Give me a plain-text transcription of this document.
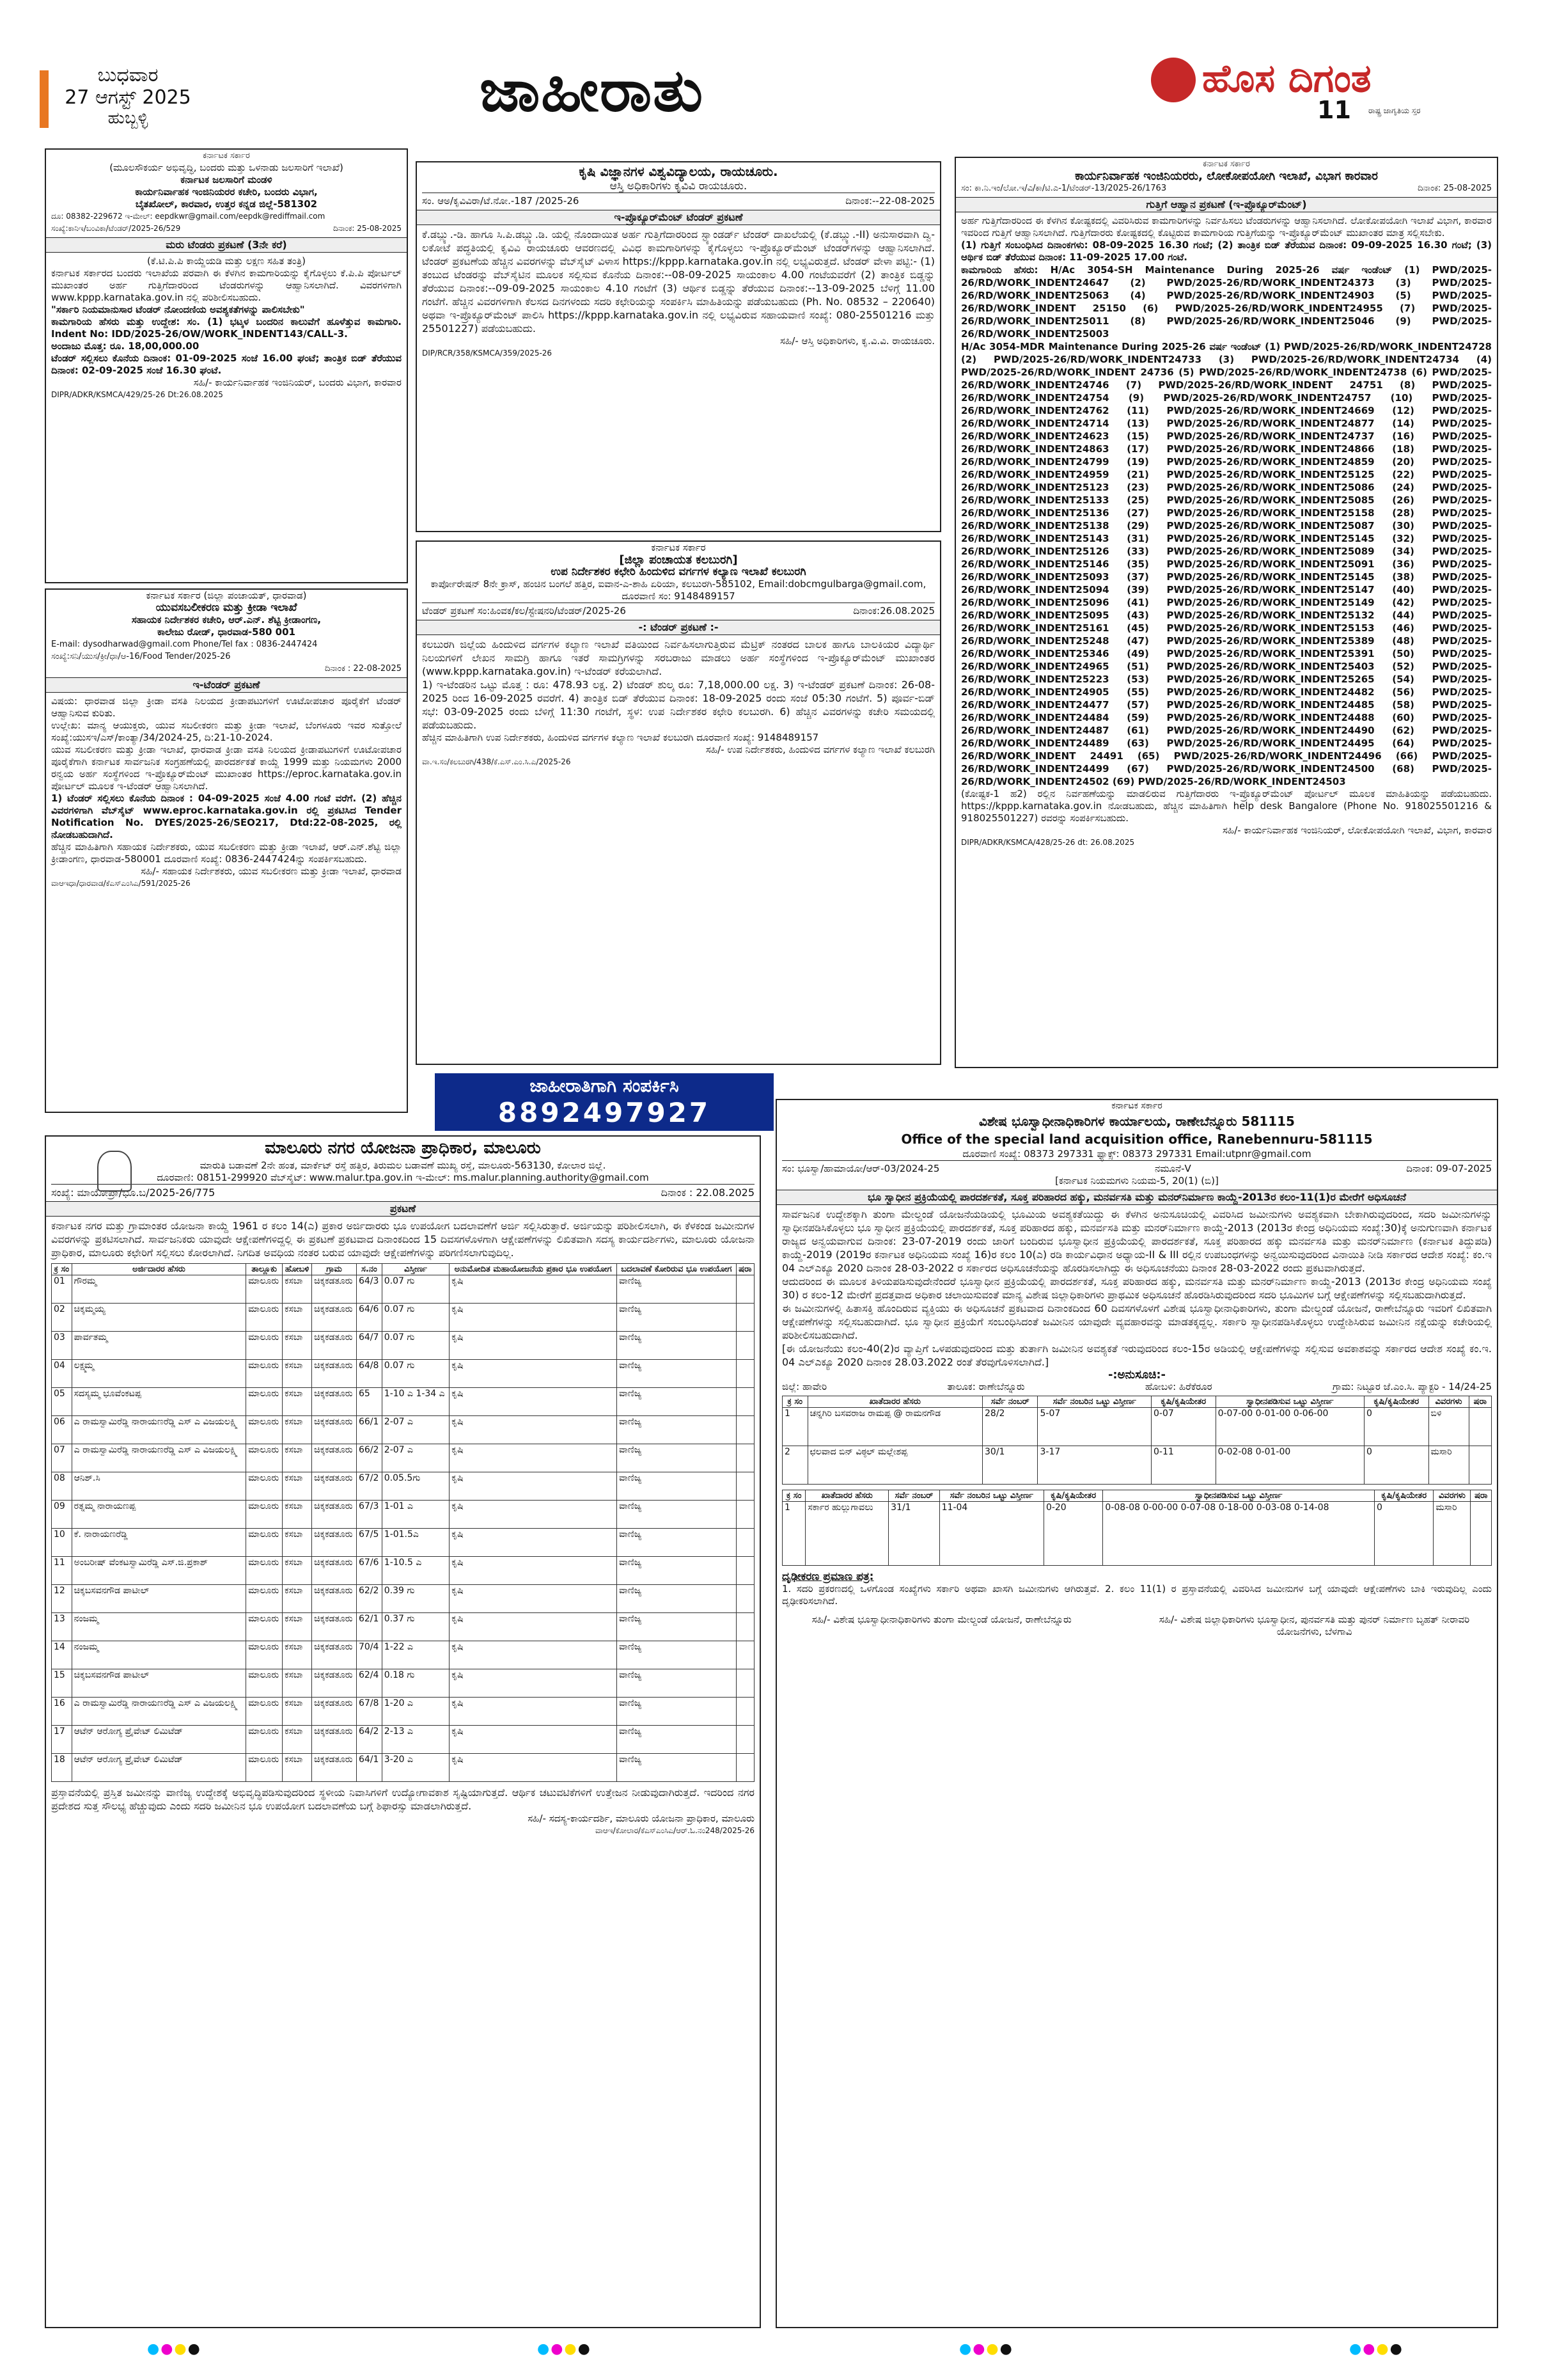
ಬುಧವಾರ
27 ಆಗಸ್ಟ್ 2025
ಹುಬ್ಬಳ್ಳಿ	ಜಾಹೀರಾತು	ಹೊಸ ದಿಗಂತ
11 ರಾಷ್ಟ್ರ ಜಾಗೃತಿಯ ಸ್ತರ
ಕರ್ನಾಟಕ ಸರ್ಕಾರ
(ಮೂಲಸೌಕರ್ಯ ಅಭಿವೃದ್ಧಿ, ಬಂದರು ಮತ್ತು ಒಳನಾಡು ಜಲಸಾರಿಗೆ ಇಲಾಖೆ)
ಕರ್ನಾಟಕ ಜಲಸಾರಿಗೆ ಮಂಡಳಿ
ಕಾರ್ಯನಿರ್ವಾಹಕ ಇಂಜಿನಿಯರರ ಕಚೇರಿ, ಬಂದರು ವಿಭಾಗ,
ಬೈತಖೋಲ್, ಕಾರವಾರ, ಉತ್ತರ ಕನ್ನಡ ಜಿಲ್ಲೆ-581302
ದೂ: 08382-229672 ಇ-ಮೇಲ್: eepdkwr@gmail.com/eepdk@rediffmail.com
ಸಂಖ್ಯೆ:ಕಾನಿಇ/ಬಂವಿಕಾ/ಟೆಂಡರ್/2025-26/529	ದಿನಾಂಕ: 25-08-2025
ಮರು ಟೆಂಡರು ಪ್ರಕಟಣೆ (3ನೇ ಕರೆ)
(ಕೆ.ಟಿ.ಪಿ.ಪಿ ಕಾಯ್ದೆಯಡಿ ಮತ್ತು ಲಕ್ಷಣ ಸಹಿತ ತಂತ್ರಿ)
ಕರ್ನಾಟಕ ಸರ್ಕಾರದ ಬಂದರು ಇಲಾಖೆಯ ಪರವಾಗಿ ಈ ಕೆಳಗಿನ ಕಾಮಗಾರಿಯನ್ನು ಕೈಗೊಳ್ಳಲು ಕೆ.ಪಿ.ಪಿ ಪೋರ್ಟಲ್ ಮುಖಾಂತರ ಅರ್ಹ ಗುತ್ತಿಗೆದಾರರಿಂದ ಟೆಂಡರುಗಳನ್ನು ಆಹ್ವಾನಿಸಲಾಗಿದೆ. ವಿವರಗಳಿಗಾಗಿ www.kppp.karnataka.gov.in ನಲ್ಲಿ ಪರಿಶೀಲಿಸಬಹುದು.
"ಸರ್ಕಾರಿ ನಿಯಮಾನುಸಾರ ಟೆಂಡರ್ ನೋಂದಣಿಯ ಅವಶ್ಯಕತೆಗಳನ್ನು ಪಾಲಿಸಬೇಕು"
ಕಾಮಗಾರಿಯ ಹೆಸರು ಮತ್ತು ಉದ್ದೇಶ: ಸಂ. (1) ಭಟ್ಕಳ ಬಂದರಿನ ಕಾಲುವೆಗೆ ಹೂಳೆತ್ತುವ ಕಾಮಗಾರಿ. Indent No: IDD/2025-26/OW/WORK_INDENT143/CALL-3.
ಅಂದಾಜು ಮೊತ್ತ: ರೂ. 18,00,000.00
ಟೆಂಡರ್ ಸಲ್ಲಿಸಲು ಕೊನೆಯ ದಿನಾಂಕ: 01-09-2025 ಸಂಜೆ 16.00 ಘಂಟೆ; ತಾಂತ್ರಿಕ ಬಿಡ್ ತೆರೆಯುವ ದಿನಾಂಕ: 02-09-2025 ಸಂಜೆ 16.30 ಘಂಟೆ.
ಸಹಿ/- ಕಾರ್ಯನಿರ್ವಾಹಕ ಇಂಜಿನಿಯರ್, ಬಂದರು ವಿಭಾಗ, ಕಾರವಾರ
DIPR/ADKR/KSMCA/429/25-26 Dt:26.08.2025
ಕರ್ನಾಟಕ ಸರ್ಕಾರ (ಜಿಲ್ಲಾ ಪಂಚಾಯತ್, ಧಾರವಾಡ)
ಯುವಸಬಲೀಕರಣ ಮತ್ತು ಕ್ರೀಡಾ ಇಲಾಖೆ
ಸಹಾಯಕ ನಿರ್ದೇಶಕರ ಕಚೇರಿ, ಆರ್.ಎನ್. ಶೆಟ್ಟಿ ಕ್ರೀಡಾಂಗಣ,
ಕಾಲೇಜು ರೋಡ್, ಧಾರವಾಡ-580 001
E-mail: dysodharwad@gmail.com Phone/Tel fax : 0836-2447424
ಸಂಖ್ಯೆ:ಸನಿ/ಯುಸ/ಕ್ರೀ/ಧಾ/ಆ-16/Food Tender/2025-26
ದಿನಾಂಕ : 22-08-2025
ಇ-ಟೆಂಡರ್ ಪ್ರಕಟಣೆ
ವಿಷಯ: ಧಾರವಾಡ ಜಿಲ್ಲಾ ಕ್ರೀಡಾ ವಸತಿ ನಿಲಯದ ಕ್ರೀಡಾಪಟುಗಳಿಗೆ ಊಟೋಪಚಾರ ಪೂರೈಕೆಗೆ ಟೆಂಡರ್ ಆಹ್ವಾನಿಸುವ ಕುರಿತು.
ಉಲ್ಲೇಖ: ಮಾನ್ಯ ಆಯುಕ್ತರು, ಯುವ ಸಬಲೀಕರಣ ಮತ್ತು ಕ್ರೀಡಾ ಇಲಾಖೆ, ಬೆಂಗಳೂರು ಇವರ ಸುತ್ತೋಲೆ ಸಂಖ್ಯೆ:ಯುಸಇ/ಎಸ್/ಕಾಂತ್ಯಾ/34/2024-25, ದಿ:21-10-2024.
ಯುವ ಸಬಲೀಕರಣ ಮತ್ತು ಕ್ರೀಡಾ ಇಲಾಖೆ, ಧಾರವಾಡ ಕ್ರೀಡಾ ವಸತಿ ನಿಲಯದ ಕ್ರೀಡಾಪಟುಗಳಿಗೆ ಊಟೋಪಚಾರ ಪೂರೈಕೆಗಾಗಿ ಕರ್ನಾಟಕ ಸಾರ್ವಜನಿಕ ಸಂಗ್ರಹಣೆಯಲ್ಲಿ ಪಾರದರ್ಶಕತೆ ಕಾಯ್ದೆ 1999 ಮತ್ತು ನಿಯಮಗಳು 2000 ರನ್ವಯ ಅರ್ಹ ಸಂಸ್ಥೆಗಳಿಂದ ಇ-ಪ್ರೊಕ್ಯೂರ್‌ಮೆಂಟ್ ಮುಖಾಂತರ https://eproc.karnataka.gov.in ಪೋರ್ಟಲ್ ಮೂಲಕ ಇ-ಟೆಂಡರ್ ಆಹ್ವಾನಿಸಲಾಗಿದೆ.
1) ಟೆಂಡರ್ ಸಲ್ಲಿಸಲು ಕೊನೆಯ ದಿನಾಂಕ : 04-09-2025 ಸಂಜೆ 4.00 ಗಂಟೆ ವರೆಗೆ. (2) ಹೆಚ್ಚಿನ ವಿವರಗಳಿಗಾಗಿ ವೆಬ್‌ಸೈಟ್ www.eproc.karnataka.gov.in ರಲ್ಲಿ ಪ್ರಕಟಿಸಿದ Tender Notification No. DYES/2025-26/SEO217, Dtd:22-08-2025, ರಲ್ಲಿ ನೋಡಬಹುದಾಗಿದೆ.
ಹೆಚ್ಚಿನ ಮಾಹಿತಿಗಾಗಿ ಸಹಾಯಕ ನಿರ್ದೇಶಕರು, ಯುವ ಸಬಲೀಕರಣ ಮತ್ತು ಕ್ರೀಡಾ ಇಲಾಖೆ, ಆರ್.ಎನ್.ಶೆಟ್ಟಿ ಜಿಲ್ಲಾ ಕ್ರೀಡಾಂಗಣ, ಧಾರವಾಡ-580001 ದೂರವಾಣಿ ಸಂಖ್ಯೆ: 0836-2447424ನ್ನು ಸಂಪರ್ಕಿಸಬಹುದು.
ಸಹಿ/- ಸಹಾಯಕ ನಿರ್ದೇಶಕರು, ಯುವ ಸಬಲೀಕರಣ ಮತ್ತು ಕ್ರೀಡಾ ಇಲಾಖೆ, ಧಾರವಾಡ
ವಾಆಇಧಾ/ಧಾರವಾಡ/ಕೆಎಸ್‌ಎಂಸಿಎ/591/2025-26
ಕೃಷಿ ವಿಜ್ಞಾನಗಳ ವಿಶ್ವವಿದ್ಯಾಲಯ, ರಾಯಚೂರು.
ಆಸ್ತಿ ಅಧಿಕಾರಿಗಳು ಕೃವಿವಿ ರಾಯಚೂರು.
ಸಂ. ಆಅ/ಕೃವಿವಿರಾ/ಟೆ.ನೋ.-187 /2025-26	ದಿನಾಂಕ:--22-08-2025
ಇ-ಪ್ರೊಕ್ಯೂರ್‌ಮೆಂಟ್ ಟೆಂಡರ್ ಪ್ರಕಟಣೆ
ಕೆ.ಡಬ್ಲ್ಯು.-ಡಿ. ಹಾಗೂ ಸಿ.ಪಿ.ಡಬ್ಲ್ಯು.ಡಿ. ಯಲ್ಲಿ ನೊಂದಾಯಿತ ಅರ್ಹ ಗುತ್ತಿಗೆದಾರರಿಂದ ಸ್ಟ್ಯಾಂಡರ್ಡ್ ಟೆಂಡರ್ ದಾಖಲೆಯಲ್ಲಿ (ಕೆ.ಡಬ್ಲ್ಯು.-II) ಅನುಸಾರವಾಗಿ ದ್ವಿ-ಲಕೋಟೆ ಪದ್ಧತಿಯಲ್ಲಿ ಕೃವಿವಿ ರಾಯಚೂರು ಆವರಣದಲ್ಲಿ ವಿವಿಧ ಕಾಮಗಾರಿಗಳನ್ನು ಕೈಗೊಳ್ಳಲು ಇ-ಪ್ರೊಕ್ಯೂರ್‌ಮೆಂಟ್ ಟೆಂಡರ್‌ಗಳನ್ನು ಆಹ್ವಾನಿಸಲಾಗಿದೆ. ಟೆಂಡರ್ ಪ್ರಕಟಣೆಯ ಹೆಚ್ಚಿನ ವಿವರಗಳನ್ನು ವೆಬ್‌ಸೈಟ್ ವಿಳಾಸ https://kppp.karnataka.gov.in ನಲ್ಲಿ ಲಭ್ಯವಿರುತ್ತದೆ. ಟೆಂಡರ್ ವೇಳಾ ಪಟ್ಟಿ:- (1) ತಂಬುದ ಟೆಂಡರನ್ನು ವೆಬ್‌ಸೈಟಿನ ಮೂಲಕ ಸಲ್ಲಿಸುವ ಕೊನೆಯ ದಿನಾಂಕ:--08-09-2025 ಸಾಯಂಕಾಲ 4.00 ಗಂಟೆಯವರೆಗೆ (2) ತಾಂತ್ರಿಕ ಬಿಡ್ಡನ್ನು ತೆರೆಯುವ ದಿನಾಂಕ:--09-09-2025 ಸಾಯಂಕಾಲ 4.10 ಗಂಟೆಗೆ (3) ಆರ್ಥಿಕ ಬಿಡ್ಡನ್ನು ತೆರೆಯುವ ದಿನಾಂಕ:--13-09-2025 ಬೆಳಿಗ್ಗೆ 11.00 ಗಂಟೆಗೆ. ಹೆಚ್ಚಿನ ವಿವರಗಳಿಗಾಗಿ ಕೆಲಸದ ದಿನಗಳಂದು ಸದರಿ ಕಛೇರಿಯನ್ನು ಸಂಪರ್ಕಿಸಿ ಮಾಹಿತಿಯನ್ನು ಪಡೆಯಬಹುದು (Ph. No. 08532 – 220640) ಅಥವಾ ಇ-ಪ್ರೊಕ್ಯೂರ್‌ಮೆಂಟ್ ಪಾಲಿಸಿ https://kppp.karnataka.gov.in ನಲ್ಲಿ ಲಭ್ಯವಿರುವ ಸಹಾಯವಾಣಿ ಸಂಖ್ಯೆ: 080-25501216 ಮತ್ತು 25501227) ಪಡೆಯಬಹುದು.
ಸಹಿ/- ಆಸ್ತಿ ಅಧಿಕಾರಿಗಳು, ಕೃ.ವಿ.ವಿ. ರಾಯಚೂರು.
DIP/RCR/358/KSMCA/359/2025-26
ಕರ್ನಾಟಕ ಸರ್ಕಾರ
[ಜಿಲ್ಲಾ ಪಂಚಾಯತ ಕಲಬುರಗಿ]
ಉಪ ನಿರ್ದೇಶಕರ ಕಛೇರಿ ಹಿಂದುಳಿದ ವರ್ಗಗಳ ಕಲ್ಯಾಣ ಇಲಾಖೆ ಕಲಬುರಗಿ
ಕಾರ್ಪೋರೇಷನ್ 8ನೇ ಕ್ರಾಸ್, ಹಂಚಿನ ಬಂಗಲೆ ಹತ್ತಿರ, ಐವಾನ-ಎ-ಶಾಹಿ ಏರಿಯಾ, ಕಲಬುರಗಿ-585102, Email:dobcmgulbarga@gmail.com, ದೂರವಾಣಿ ಸಂ: 9148489157
ಟೆಂಡರ್ ಪ್ರಕಟಣೆ ಸಂ:ಹಿಂವಕ/ಕಲ/ಸ್ಟೇಷನರಿ/ಟೆಂಡರ್/2025-26	ದಿನಾಂಕ:26.08.2025
-: ಟೆಂಡರ್ ಪ್ರಕಟಣೆ :-
ಕಲಬುರಗಿ ಜಿಲ್ಲೆಯ ಹಿಂದುಳಿದ ವರ್ಗಗಳ ಕಲ್ಯಾಣ ಇಲಾಖೆ ವತಿಯಿಂದ ನಿರ್ವಹಿಸಲಾಗುತ್ತಿರುವ ಮೆಟ್ರಿಕ್ ನಂತರದ ಬಾಲಕ ಹಾಗೂ ಬಾಲಕಿಯರ ವಿದ್ಯಾರ್ಥಿ ನಿಲಯಗಳಿಗೆ ಲೇಖನ ಸಾಮಗ್ರಿ ಹಾಗೂ ಇತರೆ ಸಾಮಗ್ರಿಗಳನ್ನು ಸರಬರಾಜು ಮಾಡಲು ಅರ್ಹ ಸಂಸ್ಥೆಗಳಿಂದ ಇ-ಪ್ರೊಕ್ಯೂರ್‌ಮೆಂಟ್ ಮುಖಾಂತರ (www.kppp.karnataka.gov.in) ಇ-ಟೆಂಡರ್ ಕರೆಯಲಾಗಿದೆ.
1) ಇ-ಟೆಂಡರಿನ ಒಟ್ಟು ಮೊತ್ತ : ರೂ: 478.93 ಲಕ್ಷ. 2) ಟೆಂಡರ್ ಶುಲ್ಕ ರೂ: 7,18,000.00 ಲಕ್ಷ. 3) ಇ-ಟೆಂಡರ್ ಪ್ರಕಟಣೆ ದಿನಾಂಕ: 26-08-2025 ರಿಂದ 16-09-2025 ರವರೆಗೆ. 4) ತಾಂತ್ರಿಕ ಬಿಡ್ ತೆರೆಯುವ ದಿನಾಂಕ: 18-09-2025 ರಂದು ಸಂಜೆ 05:30 ಗಂಟೆಗೆ. 5) ಪೂರ್ವ-ಬಿಡ್ ಸಭೆ: 03-09-2025 ರಂದು ಬೆಳಿಗ್ಗೆ 11:30 ಗಂಟೆಗೆ, ಸ್ಥಳ: ಉಪ ನಿರ್ದೇಶಕರ ಕಛೇರಿ ಕಲಬುರಗಿ. 6) ಹೆಚ್ಚಿನ ವಿವರಗಳನ್ನು ಕಚೇರಿ ಸಮಯದಲ್ಲಿ ಪಡೆಯಬಹುದು.
ಹೆಚ್ಚಿನ ಮಾಹಿತಿಗಾಗಿ ಉಪ ನಿರ್ದೇಶಕರು, ಹಿಂದುಳಿದ ವರ್ಗಗಳ ಕಲ್ಯಾಣ ಇಲಾಖೆ ಕಲಬುರಗಿ ದೂರವಾಣಿ ಸಂಖ್ಯೆ: 9148489157
ಸಹಿ/- ಉಪ ನಿರ್ದೇಶಕರು, ಹಿಂದುಳಿದ ವರ್ಗಗಳ ಕಲ್ಯಾಣ ಇಲಾಖೆ ಕಲಬುರಗಿ
ವಾ.ಇ.ಸಂ/ಕಲಬುರಗಿ/438/ಕೆ.ಎಸ್.ಎಂ.ಸಿ.ಎ/2025-26
ಜಾಹೀರಾತಿಗಾಗಿ ಸಂಪರ್ಕಿಸಿ
8892497927
ಕರ್ನಾಟಕ ಸರ್ಕಾರ
ಕಾರ್ಯನಿರ್ವಾಹಕ ಇಂಜಿನಿಯರರು, ಲೋಕೋಪಯೋಗಿ ಇಲಾಖೆ, ವಿಭಾಗ ಕಾರವಾರ
ಸಂ: ಕಾ.ನಿ.ಇಂ/ಲೋ.ಇ/ವಿ/ಕಾ/ಟಿ.ಎ-1/ಟೆಂಡರ್-13/2025-26/1763	ದಿನಾಂಕ: 25-08-2025
ಗುತ್ತಿಗೆ ಆಹ್ವಾನ ಪ್ರಕಟಣೆ (ಇ-ಪ್ರೊಕ್ಯೂರ್‌ಮೆಂಟ್)
ಅರ್ಹ ಗುತ್ತಿಗೆದಾರರಿಂದ ಈ ಕೆಳಗಿನ ಕೋಷ್ಟಕದಲ್ಲಿ ವಿವರಿಸಿರುವ ಕಾಮಗಾರಿಗಳನ್ನು ನಿರ್ವಹಿಸಲು ಟೆಂಡರುಗಳನ್ನು ಆಹ್ವಾನಿಸಲಾಗಿದೆ. ಲೋಕೋಪಯೋಗಿ ಇಲಾಖೆ ವಿಭಾಗ, ಕಾರವಾರ ಇವರಿಂದ ಗುತ್ತಿಗೆ ಆಹ್ವಾನಿಸಲಾಗಿದೆ. ಗುತ್ತಿಗೆದಾರರು ಕೋಷ್ಟಕದಲ್ಲಿ ಕೊಟ್ಟಿರುವ ಕಾಮಗಾರಿಯ ಗುತ್ತಿಗೆಯನ್ನು ಇ-ಪ್ರೊಕ್ಯೂರ್‌ಮೆಂಟ್ ಮುಖಾಂತರ ಮಾತ್ರ ಸಲ್ಲಿಸಬೇಕು.
(1) ಗುತ್ತಿಗೆ ಸಂಬಂಧಿಸಿದ ದಿನಾಂಕಗಳು: 08-09-2025 16.30 ಗಂಟೆ; (2) ತಾಂತ್ರಿಕ ಬಿಡ್ ತೆರೆಯುವ ದಿನಾಂಕ: 09-09-2025 16.30 ಗಂಟೆ; (3) ಆರ್ಥಿಕ ಬಿಡ್ ತೆರೆಯುವ ದಿನಾಂಕ: 11-09-2025 17.00 ಗಂಟೆ.
ಕಾಮಗಾರಿಯ ಹೆಸರು: H/Ac 3054-SH Maintenance During 2025-26 ವರ್ಷ ಇಂಡೆಂಟ್ (1) PWD/2025-26/RD/WORK_INDENT24647 (2) PWD/2025-26/RD/WORK_INDENT24373 (3) PWD/2025-26/RD/WORK_INDENT25063 (4) PWD/2025-26/RD/WORK_INDENT24903 (5) PWD/2025-26/RD/WORK_INDENT 25150 (6) PWD/2025-26/RD/WORK_INDENT24955 (7) PWD/2025-26/RD/WORK_INDENT25011 (8) PWD/2025-26/RD/WORK_INDENT25046 (9) PWD/2025-26/RD/WORK_INDENT25003
H/Ac 3054-MDR Maintenance During 2025-26 ವರ್ಷ ಇಂಡೆಂಟ್ (1) PWD/2025-26/RD/WORK_INDENT24728 (2) PWD/2025-26/RD/WORK_INDENT24733 (3) PWD/2025-26/RD/WORK_INDENT24734 (4) PWD/2025-26/RD/WORK_INDENT 24736 (5) PWD/2025-26/RD/WORK_INDENT24738 (6) PWD/2025-26/RD/WORK_INDENT24746 (7) PWD/2025-26/RD/WORK_INDENT 24751 (8) PWD/2025-26/RD/WORK_INDENT24754 (9) PWD/2025-26/RD/WORK_INDENT24757 (10) PWD/2025-26/RD/WORK_INDENT24762 (11) PWD/2025-26/RD/WORK_INDENT24669 (12) PWD/2025-26/RD/WORK_INDENT24714 (13) PWD/2025-26/RD/WORK_INDENT24877 (14) PWD/2025-26/RD/WORK_INDENT24623 (15) PWD/2025-26/RD/WORK_INDENT24737 (16) PWD/2025-26/RD/WORK_INDENT24863 (17) PWD/2025-26/RD/WORK_INDENT24866 (18) PWD/2025-26/RD/WORK_INDENT24799 (19) PWD/2025-26/RD/WORK_INDENT24859 (20) PWD/2025-26/RD/WORK_INDENT24959 (21) PWD/2025-26/RD/WORK_INDENT25125 (22) PWD/2025-26/RD/WORK_INDENT25123 (23) PWD/2025-26/RD/WORK_INDENT25086 (24) PWD/2025-26/RD/WORK_INDENT25133 (25) PWD/2025-26/RD/WORK_INDENT25085 (26) PWD/2025-26/RD/WORK_INDENT25136 (27) PWD/2025-26/RD/WORK_INDENT25158 (28) PWD/2025-26/RD/WORK_INDENT25138 (29) PWD/2025-26/RD/WORK_INDENT25087 (30) PWD/2025-26/RD/WORK_INDENT25143 (31) PWD/2025-26/RD/WORK_INDENT25145 (32) PWD/2025-26/RD/WORK_INDENT25126 (33) PWD/2025-26/RD/WORK_INDENT25089 (34) PWD/2025-26/RD/WORK_INDENT25146 (35) PWD/2025-26/RD/WORK_INDENT25091 (36) PWD/2025-26/RD/WORK_INDENT25093 (37) PWD/2025-26/RD/WORK_INDENT25145 (38) PWD/2025-26/RD/WORK_INDENT25094 (39) PWD/2025-26/RD/WORK_INDENT25147 (40) PWD/2025-26/RD/WORK_INDENT25096 (41) PWD/2025-26/RD/WORK_INDENT25149 (42) PWD/2025-26/RD/WORK_INDENT25095 (43) PWD/2025-26/RD/WORK_INDENT25132 (44) PWD/2025-26/RD/WORK_INDENT25161 (45) PWD/2025-26/RD/WORK_INDENT25153 (46) PWD/2025-26/RD/WORK_INDENT25248 (47) PWD/2025-26/RD/WORK_INDENT25389 (48) PWD/2025-26/RD/WORK_INDENT25346 (49) PWD/2025-26/RD/WORK_INDENT25391 (50) PWD/2025-26/RD/WORK_INDENT24965 (51) PWD/2025-26/RD/WORK_INDENT25403 (52) PWD/2025-26/RD/WORK_INDENT25223 (53) PWD/2025-26/RD/WORK_INDENT25265 (54) PWD/2025-26/RD/WORK_INDENT24905 (55) PWD/2025-26/RD/WORK_INDENT24482 (56) PWD/2025-26/RD/WORK_INDENT24477 (57) PWD/2025-26/RD/WORK_INDENT24485 (58) PWD/2025-26/RD/WORK_INDENT24484 (59) PWD/2025-26/RD/WORK_INDENT24488 (60) PWD/2025-26/RD/WORK_INDENT24487 (61) PWD/2025-26/RD/WORK_INDENT24490 (62) PWD/2025-26/RD/WORK_INDENT24489 (63) PWD/2025-26/RD/WORK_INDENT24495 (64) PWD/2025-26/RD/WORK_INDENT 24491 (65) PWD/2025-26/RD/WORK_INDENT24496 (66) PWD/2025-26/RD/WORK_INDENT24499 (67) PWD/2025-26/RD/WORK_INDENT24500 (68) PWD/2025-26/RD/WORK_INDENT24502 (69) PWD/2025-26/RD/WORK_INDENT24503
(ಕೋಷ್ಟಕ-1 ಹ2) ರಲ್ಲಿನ ನಿರ್ವಹಣೆಯನ್ನು ಮಾಡಲಿರುವ ಗುತ್ತಿಗೆದಾರರು ಇ-ಪ್ರೊಕ್ಯೂರ್‌ಮೆಂಟ್ ಪೋರ್ಟಲ್ ಮೂಲಕ ಮಾಹಿತಿಯನ್ನು ಪಡೆಯಬಹುದು. https://kppp.karnataka.gov.in ನೋಡಬಹುದು, ಹೆಚ್ಚಿನ ಮಾಹಿತಿಗಾಗಿ help desk Bangalore (Phone No. 918025501216 & 918025501227) ರವರನ್ನು ಸಂಪರ್ಕಿಸಬಹುದು.
ಸಹಿ/- ಕಾರ್ಯನಿರ್ವಾಹಕ ಇಂಜಿನಿಯರ್, ಲೋಕೋಪಯೋಗಿ ಇಲಾಖೆ, ವಿಭಾಗ, ಕಾರವಾರ
DIPR/ADKR/KSMCA/428/25-26 dt: 26.08.2025
ಮಾಲೂರು ನಗರ ಯೋಜನಾ ಪ್ರಾಧಿಕಾರ, ಮಾಲೂರು
ಮಾರುತಿ ಬಡಾವಣೆ 2ನೇ ಹಂತ, ಮಾರ್ಕೆಟ್ ರಸ್ತೆ ಹತ್ತಿರ, ತಿರುಮಲ ಬಡಾವಣೆ ಮುಖ್ಯ ರಸ್ತೆ, ಮಾಲೂರು-563130, ಕೋಲಾರ ಜಿಲ್ಲೆ.
ದೂರವಾಣಿ: 08151-299920 ವೆಬ್‌ಸೈಟ್: www.malur.tpa.gov.in ಇ-ಮೇಲ್: ms.malur.planning.authority@gmail.com
ಸಂಖ್ಯೆ: ಮಾಯೋಪ್ರಾ/ಭೂ.ಬ/2025-26/775	ದಿನಾಂಕ : 22.08.2025
ಪ್ರಕಟಣೆ
ಕರ್ನಾಟಕ ನಗರ ಮತ್ತು ಗ್ರಾಮಾಂತರ ಯೋಜನಾ ಕಾಯ್ದೆ 1961 ರ ಕಲಂ 14(ಎ) ಪ್ರಕಾರ ಅರ್ಜಿದಾರರು ಭೂ ಉಪಯೋಗ ಬದಲಾವಣೆಗೆ ಅರ್ಜಿ ಸಲ್ಲಿಸಿರುತ್ತಾರೆ. ಅರ್ಜಿಯನ್ನು ಪರಿಶೀಲಿಸಲಾಗಿ, ಈ ಕೆಳಕಂಡ ಜಮೀನುಗಳ ವಿವರಗಳನ್ನು ಪ್ರಕಟಿಸಲಾಗಿದೆ. ಸಾರ್ವಜನಿಕರು ಯಾವುದೇ ಆಕ್ಷೇಪಣೆಗಳಿದ್ದಲ್ಲಿ ಈ ಪ್ರಕಟಣೆ ಪ್ರಕಟವಾದ ದಿನಾಂಕದಿಂದ 15 ದಿವಸಗಳೊಳಗಾಗಿ ಆಕ್ಷೇಪಣೆಗಳನ್ನು ಲಿಖಿತವಾಗಿ ಸದಸ್ಯ ಕಾರ್ಯದರ್ಶಿಗಳು, ಮಾಲೂರು ಯೋಜನಾ ಪ್ರಾಧಿಕಾರ, ಮಾಲೂರು ಕಛೇರಿಗೆ ಸಲ್ಲಿಸಲು ಕೋರಲಾಗಿದೆ. ನಿಗದಿತ ಅವಧಿಯ ನಂತರ ಬರುವ ಯಾವುದೇ ಆಕ್ಷೇಪಣೆಗಳನ್ನು ಪರಿಗಣಿಸಲಾಗುವುದಿಲ್ಲ.
ಕ್ರ ಸಂ	ಅರ್ಜಿದಾರರ ಹೆಸರು	ತಾಲ್ಲೂಕು	ಹೋಬಳಿ	ಗ್ರಾಮ	ಸ.ನಂ	ವಿಸ್ತೀರ್ಣ	ಅನುಮೋದಿತ ಮಹಾಯೋಜನೆಯ ಪ್ರಕಾರ ಭೂ ಉಪಯೋಗ	ಬದಲಾವಣೆ ಕೋರಿರುವ ಭೂ ಉಪಯೋಗ	ಷರಾ
01	ಗೌರಮ್ಮ	ಮಾಲೂರು	ಕಸಬಾ	ಚಿಕ್ಕಕಡತೂರು	64/3	0.07 ಗು	ಕೃಷಿ	ವಾಣಿಜ್ಯ	
02	ಚಿಕ್ಕಮ್ಮಯ್ಯ	ಮಾಲೂರು	ಕಸಬಾ	ಚಿಕ್ಕಕಡತೂರು	64/6	0.07 ಗು	ಕೃಷಿ	ವಾಣಿಜ್ಯ	
03	ಪಾರ್ವತಮ್ಮ	ಮಾಲೂರು	ಕಸಬಾ	ಚಿಕ್ಕಕಡತೂರು	64/7	0.07 ಗು	ಕೃಷಿ	ವಾಣಿಜ್ಯ	
04	ಲಕ್ಷ್ಮಮ್ಮ	ಮಾಲೂರು	ಕಸಬಾ	ಚಿಕ್ಕಕಡತೂರು	64/8	0.07 ಗು	ಕೃಷಿ	ವಾಣಿಜ್ಯ	
05	ಸದಸ್ಯಮ್ಮ ಭೂವೆಂಕಟಪ್ಪ	ಮಾಲೂರು	ಕಸಬಾ	ಚಿಕ್ಕಕಡತೂರು	65	1-10 ಎ 1-34 ಎ	ಕೃಷಿ	ವಾಣಿಜ್ಯ	
06	ಎ ರಾಮಸ್ವಾಮಿರೆಡ್ಡಿ ನಾರಾಯಣರೆಡ್ಡಿ ಎಸ್ ಎ ವಿಜಯಲಕ್ಷ್ಮಿ	ಮಾಲೂರು	ಕಸಬಾ	ಚಿಕ್ಕಕಡತೂರು	66/1	2-07 ಎ	ಕೃಷಿ	ವಾಣಿಜ್ಯ	
07	ಎ ರಾಮಸ್ವಾಮಿರೆಡ್ಡಿ ನಾರಾಯಣರೆಡ್ಡಿ ಎಸ್ ಎ ವಿಜಯಲಕ್ಷ್ಮಿ	ಮಾಲೂರು	ಕಸಬಾ	ಚಿಕ್ಕಕಡತೂರು	66/2	2-07 ಎ	ಕೃಷಿ	ವಾಣಿಜ್ಯ	
08	ಆನಿಶ್.ಸಿ	ಮಾಲೂರು	ಕಸಬಾ	ಚಿಕ್ಕಕಡತೂರು	67/2	0.05.5ಗು	ಕೃಷಿ	ವಾಣಿಜ್ಯ	
09	ರತ್ನಮ್ಮ ನಾರಾಯಣಪ್ಪ	ಮಾಲೂರು	ಕಸಬಾ	ಚಿಕ್ಕಕಡತೂರು	67/3	1-01 ಎ	ಕೃಷಿ	ವಾಣಿಜ್ಯ	
10	ಕೆ. ನಾರಾಯಣರೆಡ್ಡಿ	ಮಾಲೂರು	ಕಸಬಾ	ಚಿಕ್ಕಕಡತೂರು	67/5	1-01.5ಎ	ಕೃಷಿ	ವಾಣಿಜ್ಯ	
11	ಅಂಬರೀಷ್ ವೆಂಕಟಸ್ವಾಮಿರೆಡ್ಡಿ ಎಸ್.ಜಿ.ಪ್ರಕಾಶ್	ಮಾಲೂರು	ಕಸಬಾ	ಚಿಕ್ಕಕಡತೂರು	67/6	1-10.5 ಎ	ಕೃಷಿ	ವಾಣಿಜ್ಯ	
12	ಚಿಕ್ಕಬಸವನಗೌಡ ಪಾಟೀಲ್	ಮಾಲೂರು	ಕಸಬಾ	ಚಿಕ್ಕಕಡತೂರು	62/2	0.39 ಗು	ಕೃಷಿ	ವಾಣಿಜ್ಯ	
13	ನಂಜಮ್ಮ	ಮಾಲೂರು	ಕಸಬಾ	ಚಿಕ್ಕಕಡತೂರು	62/1	0.37 ಗು	ಕೃಷಿ	ವಾಣಿಜ್ಯ	
14	ನಂಜಮ್ಮ	ಮಾಲೂರು	ಕಸಬಾ	ಚಿಕ್ಕಕಡತೂರು	70/4	1-22 ಎ	ಕೃಷಿ	ವಾಣಿಜ್ಯ	
15	ಚಿಕ್ಕಬಸವನಗೌಡ ಪಾಟೀಲ್	ಮಾಲೂರು	ಕಸಬಾ	ಚಿಕ್ಕಕಡತೂರು	62/4	0.18 ಗು	ಕೃಷಿ	ವಾಣಿಜ್ಯ	
16	ಎ ರಾಮಸ್ವಾಮಿರೆಡ್ಡಿ ನಾರಾಯಣರೆಡ್ಡಿ ಎಸ್ ಎ ವಿಜಯಲಕ್ಷ್ಮಿ	ಮಾಲೂರು	ಕಸಬಾ	ಚಿಕ್ಕಕಡತೂರು	67/8	1-20 ಎ	ಕೃಷಿ	ವಾಣಿಜ್ಯ	
17	ಆಟೆನ್ ಆರೋಗ್ಯ ಪ್ರೈವೇಟ್ ಲಿಮಿಟೆಡ್	ಮಾಲೂರು	ಕಸಬಾ	ಚಿಕ್ಕಕಡತೂರು	64/2	2-13 ಎ	ಕೃಷಿ	ವಾಣಿಜ್ಯ	
18	ಆಟೆನ್ ಆರೋಗ್ಯ ಪ್ರೈವೇಟ್ ಲಿಮಿಟೆಡ್	ಮಾಲೂರು	ಕಸಬಾ	ಚಿಕ್ಕಕಡತೂರು	64/1	3-20 ಎ	ಕೃಷಿ	ವಾಣಿಜ್ಯ	
ಪ್ರಸ್ತಾವನೆಯಲ್ಲಿ ಪ್ರಸ್ತಿತ ಜಮೀನನ್ನು ವಾಣಿಜ್ಯ ಉದ್ದೇಶಕ್ಕೆ ಅಭಿವೃದ್ಧಿಪಡಿಸುವುದರಿಂದ ಸ್ಥಳೀಯ ನಿವಾಸಿಗಳಿಗೆ ಉದ್ಯೋಗಾವಕಾಶ ಸೃಷ್ಟಿಯಾಗುತ್ತದೆ. ಆರ್ಥಿಕ ಚಟುವಟಿಕೆಗಳಿಗೆ ಉತ್ತೇಜನ ನೀಡುವುದಾಗಿರುತ್ತದೆ. ಇದರಿಂದ ನಗರ ಪ್ರದೇಶದ ಸುತ್ತ ಸೌಲಭ್ಯ ಹೆಚ್ಚುವುದು ಎಂದು ಸದರಿ ಜಮೀನಿನ ಭೂ ಉಪಯೋಗ ಬದಲಾವಣೆಯ ಬಗ್ಗೆ ಶಿಫಾರಸ್ಸು ಮಾಡಲಾಗಿರುತ್ತದೆ.
ಸಹಿ/- ಸದಸ್ಯ-ಕಾರ್ಯದರ್ಶಿ, ಮಾಲೂರು ಯೋಜನಾ ಪ್ರಾಧಿಕಾರ, ಮಾಲೂರು
ವಾಆಇ/ಕೋಲಾರ/ಕೆಎಸ್‌ಎಂಸಿಎ/ಆರ್.ಓ.ನಂ248/2025-26
ಕರ್ನಾಟಕ ಸರ್ಕಾರ
ವಿಶೇಷ ಭೂಸ್ವಾಧೀನಾಧಿಕಾರಿಗಳ ಕಾರ್ಯಾಲಯ, ರಾಣೇಬೆನ್ನೂರು 581115
Office of the special land acquisition office, Ranebennuru-581115
ದೂರವಾಣಿ ಸಂಖ್ಯೆ: 08373 297331 ಫ್ಯಾಕ್ಸ್: 08373 297331 Email:utpnr@gmail.com
ಸಂ: ಭೂಸ್ವಾ/ಹಾಮಾಯೋ/ಆರ್-03/2024-25	ನಮೂನೆ-V	ದಿನಾಂಕ: 09-07-2025
[ಕರ್ನಾಟಕ ನಿಯಮಗಳು ನಿಯಮ-5, 20(1) (ಬಿ)]
ಭೂ ಸ್ವಾಧೀನ ಪ್ರಕ್ರಿಯೆಯಲ್ಲಿ ಪಾರದರ್ಶಕತೆ, ಸೂಕ್ತ ಪರಿಹಾರದ ಹಕ್ಕು, ಮನರ್ವಸತಿ ಮತ್ತು ಮನರ್‌ನಿರ್ಮಾಣ ಕಾಯ್ದೆ-2013ರ ಕಲಂ-11(1)ರ ಮೇರೆಗೆ ಅಧಿಸೂಚನೆ
ಸಾರ್ವಜನಿಕ ಉದ್ದೇಶಕ್ಕಾಗಿ ತುಂಗಾ ಮೇಲ್ದಂಡೆ ಯೋಜನೆಯಡಿಯಲ್ಲಿ ಭೂಮಿಯ ಅವಶ್ಯಕತೆಯಿದ್ದು ಈ ಕೆಳಗಿನ ಅನುಸೂಚಿಯಲ್ಲಿ ವಿವರಿಸಿದ ಜಮೀನುಗಳು ಅವಶ್ಯಕವಾಗಿ ಬೇಕಾಗಿರುವುದರಿಂದ, ಸದರಿ ಜಮೀನುಗಳನ್ನು ಸ್ವಾಧೀನಪಡಿಸಿಕೊಳ್ಳಲು ಭೂ ಸ್ವಾಧೀನ ಪ್ರಕ್ರಿಯೆಯಲ್ಲಿ ಪಾರದರ್ಶಕತೆ, ಸೂಕ್ತ ಪರಿಹಾರದ ಹಕ್ಕು, ಮನರ್ವಸತಿ ಮತ್ತು ಮನರ್‌ನಿರ್ಮಾಣ ಕಾಯ್ದೆ-2013 (2013ರ ಕೇಂದ್ರ ಅಧಿನಿಯಮ ಸಂಖ್ಯೆ:30)ಕ್ಕೆ ಅನುಗುಣವಾಗಿ ಕರ್ನಾಟಕ ರಾಜ್ಯದ ಅನ್ವಯವಾಗುವ ದಿನಾಂಕ: 23-07-2019 ರಂದು ಜಾರಿಗೆ ಬಂದಿರುವ ಭೂಸ್ವಾಧೀನ ಪ್ರಕ್ರಿಯೆಯಲ್ಲಿ ಪಾರದರ್ಶಕತೆ, ಸೂಕ್ತ ಪರಿಹಾರದ ಹಕ್ಕು ಮನರ್ವಸತಿ ಮತ್ತು ಮನರ್‌ನಿರ್ಮಾಣ (ಕರ್ನಾಟಕ ತಿದ್ದುಪಡಿ) ಕಾಯ್ದೆ-2019 (2019ರ ಕರ್ನಾಟಕ ಅಧಿನಿಯಮ ಸಂಖ್ಯೆ 16)ರ ಕಲಂ 10(ಎ) ರಡಿ ಕಾರ್ಯವಿಧಾನ ಅಧ್ಯಾಯ-II & III ರಲ್ಲಿನ ಉಪಬಂಧಗಳನ್ನು ಅನ್ವಯಿಸುವುದರಿಂದ ವಿನಾಯಿತಿ ನೀಡಿ ಸರ್ಕಾರದ ಆದೇಶ ಸಂಖ್ಯೆ: ಕಂ.ಇ 04 ಎಲ್ಎಕ್ಯೂ 2020 ದಿನಾಂಕ 28-03-2022 ರ ಸರ್ಕಾರದ ಅಧಿಸೂಚನೆಯನ್ನು ಹೊರಡಿಸಲಾಗಿದ್ದು ಈ ಅಧಿಸೂಚನೆಯು ದಿನಾಂಕ 28-03-2022 ರಂದು ಪ್ರಕಟವಾಗಿರುತ್ತದೆ.
ಆದುದರಿಂದ ಈ ಮೂಲಕ ತಿಳಿಯಪಡಿಸುವುದೇನೆಂದರೆ ಭೂಸ್ವಾಧೀನ ಪ್ರಕ್ರಿಯೆಯಲ್ಲಿ ಪಾರದರ್ಶಕತೆ, ಸೂಕ್ತ ಪರಿಹಾರದ ಹಕ್ಕು, ಮನರ್ವಸತಿ ಮತ್ತು ಮನರ್‌ನಿರ್ಮಾಣ ಕಾಯ್ದೆ-2013 (2013ರ ಕೇಂದ್ರ ಅಧಿನಿಯಮ ಸಂಖ್ಯೆ 30) ರ ಕಲಂ-12 ಮೇರೆಗೆ ಪ್ರದತ್ತವಾದ ಅಧಿಕಾರ ಚಲಾಯಿಸುವಂತೆ ಮಾನ್ಯ ವಿಶೇಷ ಜಿಲ್ಲಾಧಿಕಾರಿಗಳು ಪ್ರಾಥಮಿಕ ಅಧಿಸೂಚನೆ ಹೊರಡಿಸಿರುವುದರಿಂದ ಸದರಿ ಭೂಮಿಗಳ ಬಗ್ಗೆ ಆಕ್ಷೇಪಣೆಗಳನ್ನು ಸಲ್ಲಿಸಬಹುದಾಗಿರುತ್ತದೆ.
ಈ ಜಮೀನುಗಳಲ್ಲಿ ಹಿತಾಸಕ್ತಿ ಹೊಂದಿರುವ ವ್ಯಕ್ತಿಯು ಈ ಅಧಿಸೂಚನೆ ಪ್ರಕಟವಾದ ದಿನಾಂಕದಿಂದ 60 ದಿವಸಗಳೊಳಗೆ ವಿಶೇಷ ಭೂಸ್ವಾಧೀನಾಧಿಕಾರಿಗಳು, ತುಂಗಾ ಮೇಲ್ದಂಡೆ ಯೋಜನೆ, ರಾಣೇಬೆನ್ನೂರು ಇವರಿಗೆ ಲಿಖಿತವಾಗಿ ಆಕ್ಷೇಪಣೆಗಳನ್ನು ಸಲ್ಲಿಸಬಹುದಾಗಿದೆ. ಭೂ ಸ್ವಾಧೀನ ಪ್ರಕ್ರಿಯೆಗೆ ಸಂಬಂಧಿಸಿದಂತೆ ಜಮೀನಿನ ಯಾವುದೇ ವ್ಯವಹಾರವನ್ನು ಮಾಡತಕ್ಕದ್ದಲ್ಲ. ಸರ್ಕಾರಿ ಸ್ವಾಧೀನಪಡಿಸಿಕೊಳ್ಳಲು ಉದ್ದೇಶಿಸಿರುವ ಜಮೀನಿನ ನಕ್ಷೆಯನ್ನು ಕಚೇರಿಯಲ್ಲಿ ಪರಿಶೀಲಿಸಬಹುದಾಗಿದೆ.
[ಈ ಯೋಜನೆಯು ಕಲಂ-40(2)ರ ವ್ಯಾಪ್ತಿಗೆ ಒಳಪಡುವುದರಿಂದ ಮತ್ತು ತುರ್ತಾಗಿ ಜಮೀನಿನ ಅವಶ್ಯಕತೆ ಇರುವುದರಿಂದ ಕಲಂ-15ರ ಅಡಿಯಲ್ಲಿ ಆಕ್ಷೇಪಣೆಗಳನ್ನು ಸಲ್ಲಿಸುವ ಅವಕಾಶವನ್ನು ಸರ್ಕಾರದ ಆದೇಶ ಸಂಖ್ಯೆ ಕಂ.ಇ. 04 ಎಲ್ಎಕ್ಯೂ 2020 ದಿನಾಂಕ 28.03.2022 ರಂತೆ ತೆರವುಗೊಳಿಸಲಾಗಿದೆ.]
-:ಅನುಸೂಚಿ:-
ಜಿಲ್ಲೆ: ಹಾವೇರಿ	ತಾಲೂಕ: ರಾಣೇಬೆನ್ನೂರು	ಹೋಬಳಿ: ಹಿರೆಕೆರೂರ	ಗ್ರಾಮ: ನಿಟ್ಟೂರ ಜೆ.ಎಂ.ಸಿ. ಪ್ಯಾಕ್ಟರಿ - 14/24-25
ಕ್ರ ಸಂ	ಖಾತೆದಾರರ ಹೆಸರು	ಸರ್ವೆ ನಂಬರ್	ಸರ್ವೆ ನಂಬರಿನ ಒಟ್ಟು ವಿಸ್ತೀರ್ಣ	ಕೃಷಿ/ಕೃಷಿಯೇತರ	ಸ್ವಾಧೀನಪಡಿಸುವ ಒಟ್ಟು ವಿಸ್ತೀರ್ಣ	ಕೃಷಿ/ಕೃಷಿಯೇತರ	ವಿವರಗಳು	ಷರಾ
1	ಚನ್ನಗಿರಿ ಬಸವರಾಜ ರಾಮಪ್ಪ @ ರಾಮನಗೌಡ	28/2	5-07	0-07	0-07-00 0-01-00 0-06-00	0	ಬಿಳಿ	
2	ಛಲವಾದ ಬಿನ್ ವಿಠ್ಠಲ್ ಮಲ್ಲೇಶಪ್ಪ	30/1	3-17	0-11	0-02-08 0-01-00	0	ಮಸಾರಿ	
ಕ್ರ ಸಂ	ಖಾತೆದಾರರ ಹೆಸರು	ಸರ್ವೆ ನಂಬರ್	ಸರ್ವೆ ನಂಬರಿನ ಒಟ್ಟು ವಿಸ್ತೀರ್ಣ	ಕೃಷಿ/ಕೃಷಿಯೇತರ	ಸ್ವಾಧೀನಪಡಿಸುವ ಒಟ್ಟು ವಿಸ್ತೀರ್ಣ	ಕೃಷಿ/ಕೃಷಿಯೇತರ	ವಿವರಗಳು	ಷರಾ
1	ಸರ್ಕಾರ ಹುಲ್ಲುಗಾವಲು	31/1	11-04	0-20	0-08-08 0-00-00 0-07-08 0-18-00 0-03-08 0-14-08	0	ಮಸಾರಿ	
ದೃಢೀಕರಣ ಪ್ರಮಾಣ ಪತ್ರ:
1. ಸದರಿ ಪ್ರಕರಣದಲ್ಲಿ ಒಳಗೊಂಡ ಸಂಖ್ಯೆಗಳು ಸರ್ಕಾರಿ ಅಥವಾ ಖಾಸಗಿ ಜಮೀನುಗಳು ಆಗಿರುತ್ತವೆ. 2. ಕಲಂ 11(1) ರ ಪ್ರಸ್ತಾವನೆಯಲ್ಲಿ ವಿವರಿಸಿದ ಜಮೀನುಗಳ ಬಗ್ಗೆ ಯಾವುದೇ ಆಕ್ಷೇಪಣೆಗಳು ಬಾಕಿ ಇರುವುದಿಲ್ಲ ಎಂದು ದೃಢೀಕರಿಸಲಾಗಿದೆ.
ಸಹಿ/- ವಿಶೇಷ ಭೂಸ್ವಾಧೀನಾಧಿಕಾರಿಗಳು ತುಂಗಾ ಮೇಲ್ದಂಡೆ ಯೋಜನೆ, ರಾಣೇಬೆನ್ನೂರು	ಸಹಿ/- ವಿಶೇಷ ಜಿಲ್ಲಾಧಿಕಾರಿಗಳು ಭೂಸ್ವಾಧೀನ, ಪುನರ್ವಸತಿ ಮತ್ತು ಪುನರ್ ನಿರ್ಮಾಣ ಬೃಹತ್ ನೀರಾವರಿ ಯೋಜನೆಗಳು, ಬೆಳಗಾವಿ
●●●●	●●●●	●●●●	●●●●
